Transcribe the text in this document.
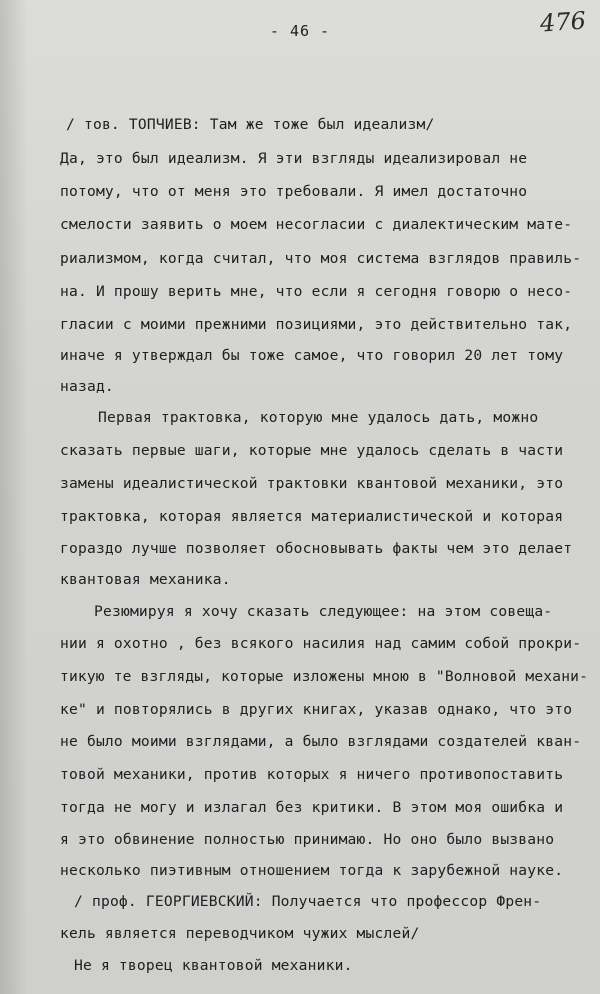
- 46 -	476
/ тов. ТОПЧИЕВ: Там же тоже был идеализм/
Да, это был идеализм. Я эти взгляды идеализировал не
потому, что от меня это требовали. Я имел достаточно
смелости заявить о моем несогласии с диалектическим мате-
риализмом, когда считал, что моя система взглядов правиль-
на. И прошу верить мне, что если я сегодня говорю о несо-
гласии с моими прежними позициями, это действительно так,
иначе я утверждал бы тоже самое, что говорил 20 лет тому
назад.
Первая трактовка, которую мне удалось дать, можно
сказать первые шаги, которые мне удалось сделать в части
замены идеалистической трактовки квантовой механики, это
трактовка, которая является материалистической и которая
гораздо лучше позволяет обосновывать факты чем это делает
квантовая механика.
Резюмируя я хочу сказать следующее: на этом совеща-
нии я охотно , без всякого насилия над самим собой прокри-
тикую те взгляды, которые изложены мною в "Волновой механи-
ке" и повторялись в других книгах, указав однако, что это
не было моими взглядами, а было взглядами создателей кван-
товой механики, против которых я ничего противопоставить
тогда не могу и излагал без критики. В этом моя ошибка и
я это обвинение полностью принимаю. Но оно было вызвано
несколько пиэтивным отношением тогда к зарубежной науке.
/ проф. ГЕОРГИЕВСКИЙ: Получается что профессор Френ-
кель является переводчиком чужих мыслей/
Не я творец квантовой механики.
